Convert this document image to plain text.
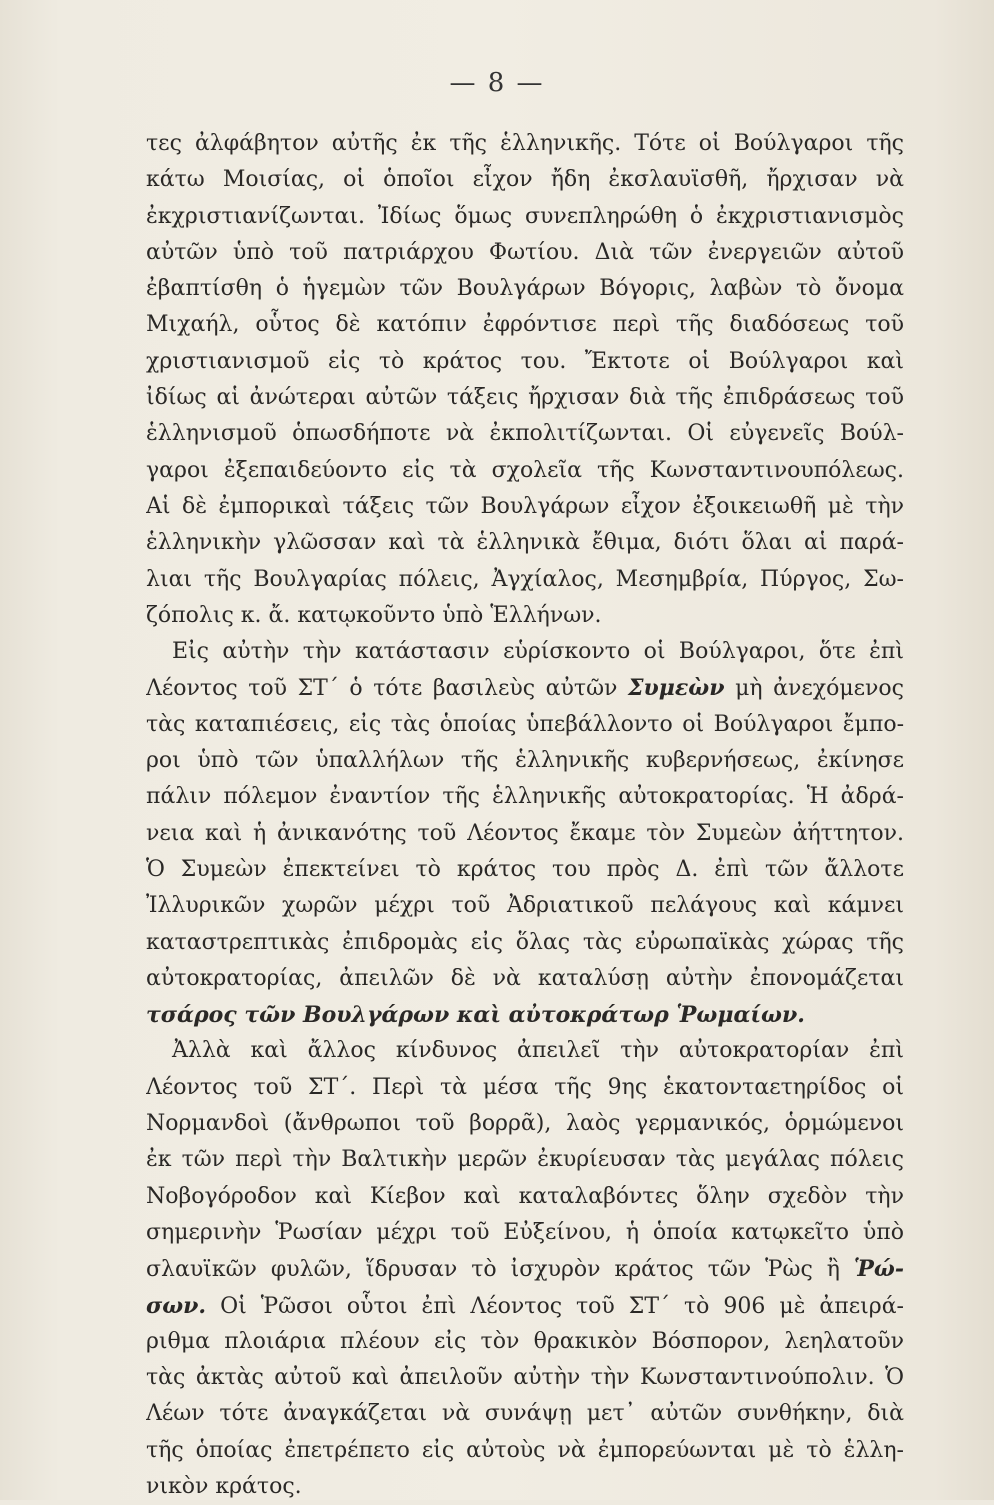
— 8 —
τες ἀλφάβητον αὐτῆς ἐκ τῆς ἑλληνικῆς. Τότε οἱ Βούλγαροι τῆς
κάτω Μοισίας, οἱ ὁποῖοι εἶχον ἤδη ἐκσλαυϊσθῆ, ἤρχισαν νὰ
ἐκχριστιανίζωνται. Ἰδίως ὅμως συνεπληρώθη ὁ ἐκχριστιανισμὸς
αὐτῶν ὑπὸ τοῦ πατριάρχου Φωτίου. Διὰ τῶν ἐνεργειῶν αὐτοῦ
ἐβαπτίσθη ὁ ἡγεμὼν τῶν Βουλγάρων Βόγορις, λαβὼν τὸ ὄνομα
Μιχαήλ, οὗτος δὲ κατόπιν ἐφρόντισε περὶ τῆς διαδόσεως τοῦ
χριστιανισμοῦ εἰς τὸ κράτος του. Ἔκτοτε οἱ Βούλγαροι καὶ
ἰδίως αἱ ἀνώτεραι αὐτῶν τάξεις ἤρχισαν διὰ τῆς ἐπιδράσεως τοῦ
ἑλληνισμοῦ ὁπωσδήποτε νὰ ἐκπολιτίζωνται. Οἱ εὐγενεῖς Βούλ-
γαροι ἐξεπαιδεύοντο εἰς τὰ σχολεῖα τῆς Κωνσταντινουπόλεως.
Αἱ δὲ ἐμπορικαὶ τάξεις τῶν Βουλγάρων εἶχον ἐξοικειωθῆ μὲ τὴν
ἑλληνικὴν γλῶσσαν καὶ τὰ ἑλληνικὰ ἔθιμα, διότι ὅλαι αἱ παρά-
λιαι τῆς Βουλγαρίας πόλεις, Ἀγχίαλος, Μεσημβρία, Πύργος, Σω-
ζόπολις κ. ἄ. κατῳκοῦντο ὑπὸ Ἑλλήνων.
Εἰς αὐτὴν τὴν κατάστασιν εὑρίσκοντο οἱ Βούλγαροι, ὅτε ἐπὶ
Λέοντος τοῦ ΣΤ΄ ὁ τότε βασιλεὺς αὐτῶν Συμεὼν μὴ ἀνεχόμενος
τὰς καταπιέσεις, εἰς τὰς ὁποίας ὑπεβάλλοντο οἱ Βούλγαροι ἔμπο-
ροι ὑπὸ τῶν ὑπαλλήλων τῆς ἑλληνικῆς κυβερνήσεως, ἐκίνησε
πάλιν πόλεμον ἐναντίον τῆς ἑλληνικῆς αὐτοκρατορίας. Ἡ ἀδρά-
νεια καὶ ἡ ἀνικανότης τοῦ Λέοντος ἔκαμε τὸν Συμεὼν ἀήττητον.
Ὁ Συμεὼν ἐπεκτείνει τὸ κράτος του πρὸς Δ. ἐπὶ τῶν ἄλλοτε
Ἰλλυρικῶν χωρῶν μέχρι τοῦ Ἀδριατικοῦ πελάγους καὶ κάμνει
καταστρεπτικὰς ἐπιδρομὰς εἰς ὅλας τὰς εὐρωπαϊκὰς χώρας τῆς
αὐτοκρατορίας, ἀπειλῶν δὲ νὰ καταλύσῃ αὐτὴν ἐπονομάζεται
τσάρος τῶν Βουλγάρων καὶ αὐτοκράτωρ Ῥωμαίων.
Ἀλλὰ καὶ ἄλλος κίνδυνος ἀπειλεῖ τὴν αὐτοκρατορίαν ἐπὶ
Λέοντος τοῦ ΣΤ΄. Περὶ τὰ μέσα τῆς 9ης ἑκατονταετηρίδος οἱ
Νορμανδοὶ (ἄνθρωποι τοῦ βορρᾶ), λαὸς γερμανικός, ὁρμώμενοι
ἐκ τῶν περὶ τὴν Βαλτικὴν μερῶν ἐκυρίευσαν τὰς μεγάλας πόλεις
Νοβογόροδον καὶ Κίεβον καὶ καταλαβόντες ὅλην σχεδὸν τὴν
σημερινὴν Ῥωσίαν μέχρι τοῦ Εὐξείνου, ἡ ὁποία κατῳκεῖτο ὑπὸ
σλαυϊκῶν φυλῶν, ἵδρυσαν τὸ ἰσχυρὸν κράτος τῶν Ῥὼς ἢ Ῥώ-
σων. Οἱ Ῥῶσοι οὗτοι ἐπὶ Λέοντος τοῦ ΣΤ΄ τὸ 906 μὲ ἀπειρά-
ριθμα πλοιάρια πλέουν εἰς τὸν θρακικὸν Βόσπορον, λεηλατοῦν
τὰς ἀκτὰς αὐτοῦ καὶ ἀπειλοῦν αὐτὴν τὴν Κωνσταντινούπολιν. Ὁ
Λέων τότε ἀναγκάζεται νὰ συνάψῃ μετ᾽ αὐτῶν συνθήκην, διὰ
τῆς ὁποίας ἐπετρέπετο εἰς αὐτοὺς νὰ ἐμπορεύωνται μὲ τὸ ἑλλη-
νικὸν κράτος.
